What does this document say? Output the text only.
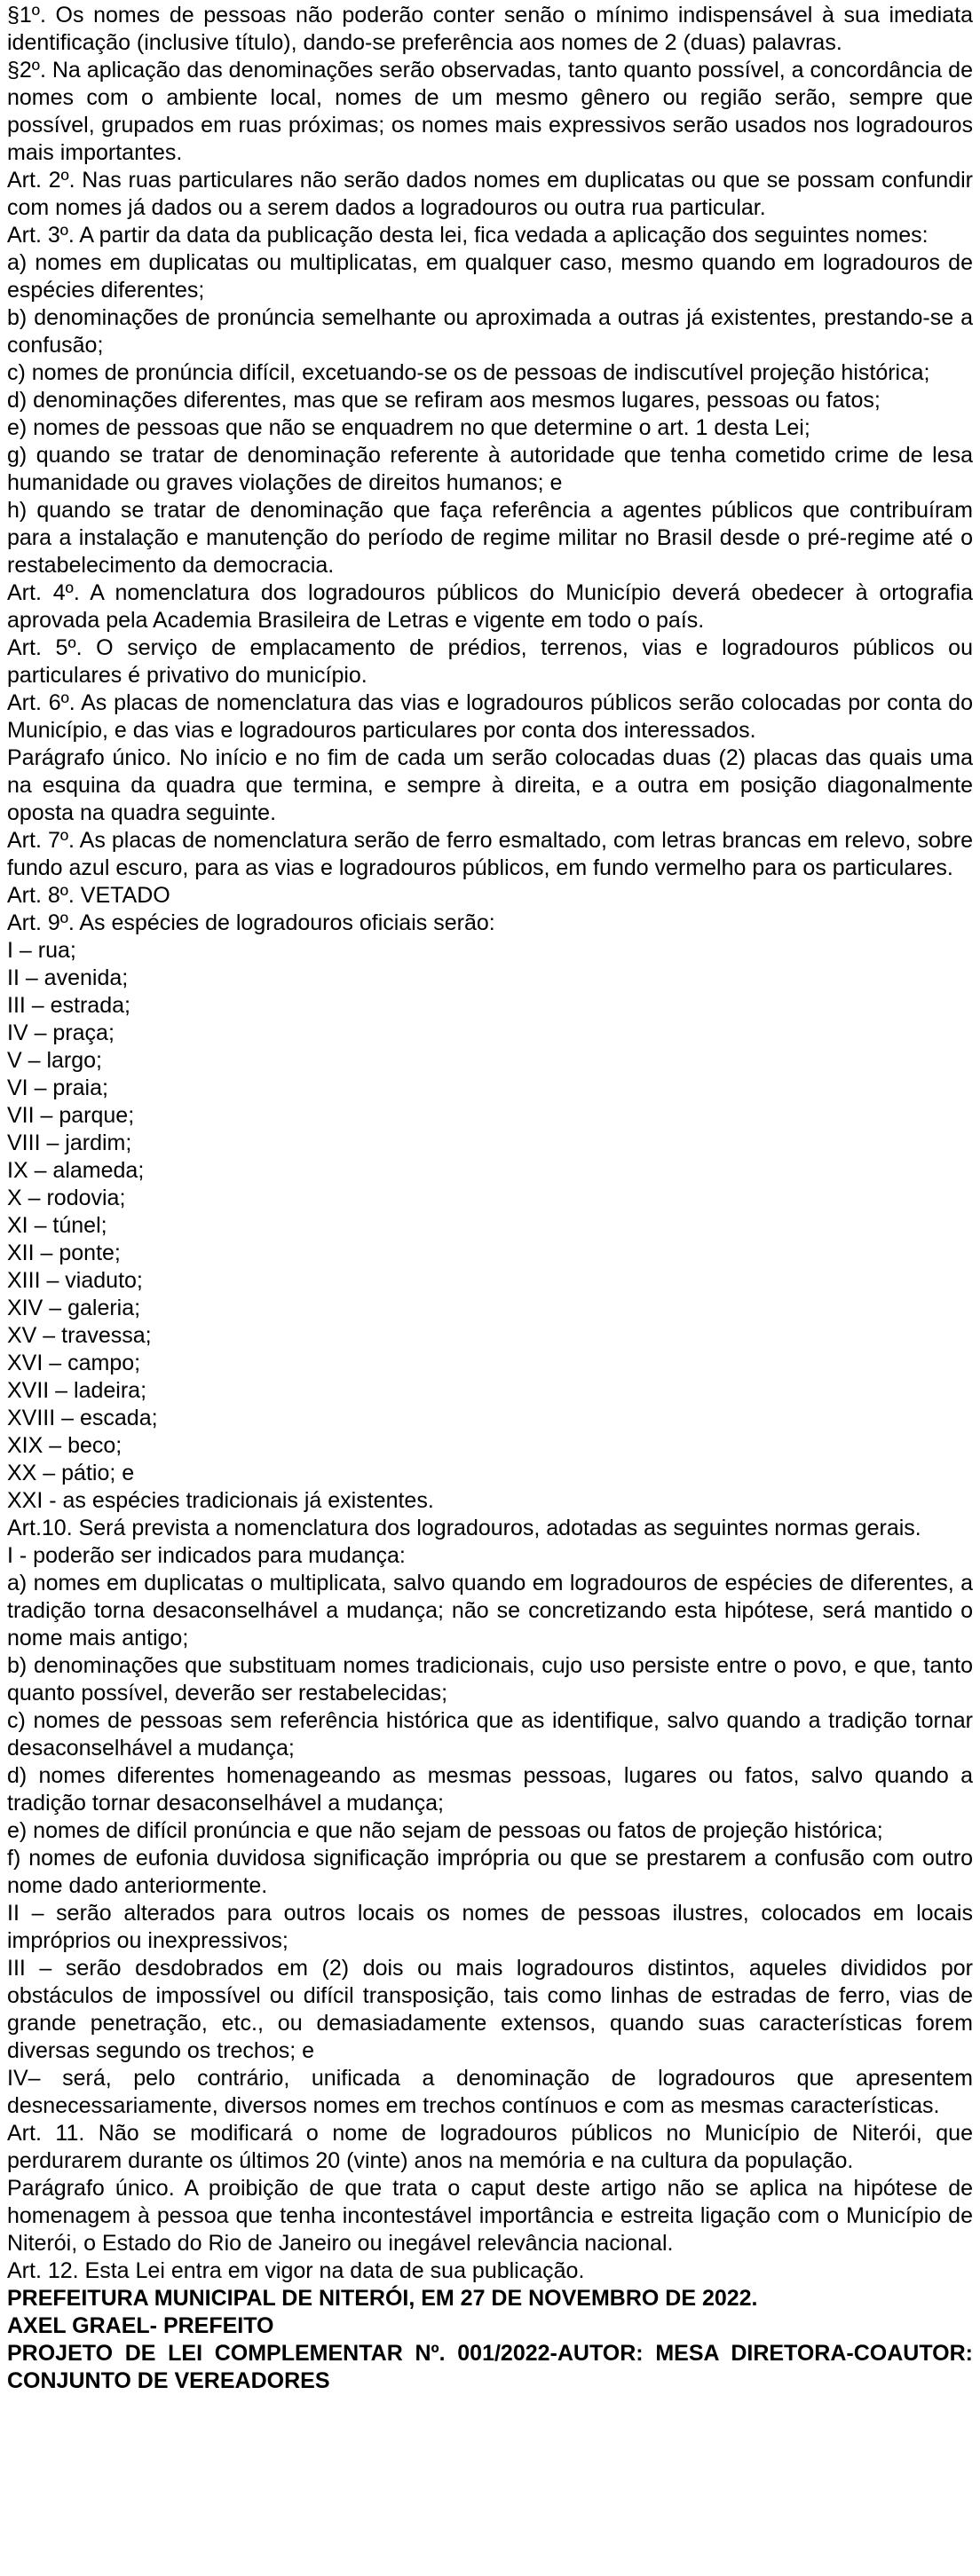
§1º. Os nomes de pessoas não poderão conter senão o mínimo indispensável à sua imediata identificação (inclusive título), dando-se preferência aos nomes de 2 (duas) palavras.

§2º. Na aplicação das denominações serão observadas, tanto quanto possível, a concordância de nomes com o ambiente local, nomes de um mesmo gênero ou região serão, sempre que possível, grupados em ruas próximas; os nomes mais expressivos serão usados nos logradouros mais importantes.

Art. 2º. Nas ruas particulares não serão dados nomes em duplicatas ou que se possam confundir com nomes já dados ou a serem dados a logradouros ou outra rua particular.

Art. 3º. A partir da data da publicação desta lei, fica vedada a aplicação dos seguintes nomes:

a) nomes em duplicatas ou multiplicatas, em qualquer caso, mesmo quando em logradouros de espécies diferentes;

b) denominações de pronúncia semelhante ou aproximada a outras já existentes, prestando-se a confusão;

c) nomes de pronúncia difícil, excetuando-se os de pessoas de indiscutível projeção histórica;

d) denominações diferentes, mas que se refiram aos mesmos lugares, pessoas ou fatos;

e) nomes de pessoas que não se enquadrem no que determine o art. 1 desta Lei;

g) quando se tratar de denominação referente à autoridade que tenha cometido crime de lesa humanidade ou graves violações de direitos humanos; e

h) quando se tratar de denominação que faça referência a agentes públicos que contribuíram para a instalação e manutenção do período de regime militar no Brasil desde o pré-regime até o restabelecimento da democracia.

Art. 4º. A nomenclatura dos logradouros públicos do Município deverá obedecer à ortografia aprovada pela Academia Brasileira de Letras e vigente em todo o país.

Art. 5º. O serviço de emplacamento de prédios, terrenos, vias e logradouros públicos ou particulares é privativo do município.

Art. 6º. As placas de nomenclatura das vias e logradouros públicos serão colocadas por conta do Município, e das vias e logradouros particulares por conta dos interessados.

Parágrafo único. No início e no fim de cada um serão colocadas duas (2) placas das quais uma na esquina da quadra que termina, e sempre à direita, e a outra em posição diagonalmente oposta na quadra seguinte.

Art. 7º. As placas de nomenclatura serão de ferro esmaltado, com letras brancas em relevo, sobre fundo azul escuro, para as vias e logradouros públicos, em fundo vermelho para os particulares.

Art. 8º. VETADO

Art. 9º. As espécies de logradouros oficiais serão:

I – rua;

II – avenida;

III – estrada;

IV – praça;

V – largo;

VI – praia;

VII – parque;

VIII – jardim;

IX – alameda;

X – rodovia;

XI – túnel;

XII – ponte;

XIII – viaduto;

XIV – galeria;

XV – travessa;

XVI – campo;

XVII – ladeira;

XVIII – escada;

XIX – beco;

XX – pátio; e

XXI - as espécies tradicionais já existentes.

Art.10. Será prevista a nomenclatura dos logradouros, adotadas as seguintes normas gerais.

I - poderão ser indicados para mudança:

a) nomes em duplicatas o multiplicata, salvo quando em logradouros de espécies de diferentes, a tradição torna desaconselhável a mudança; não se concretizando esta hipótese, será mantido o nome mais antigo;

b) denominações que substituam nomes tradicionais, cujo uso persiste entre o povo, e que, tanto quanto possível, deverão ser restabelecidas;

c) nomes de pessoas sem referência histórica que as identifique, salvo quando a tradição tornar desaconselhável a mudança;

d) nomes diferentes homenageando as mesmas pessoas, lugares ou fatos, salvo quando a tradição tornar desaconselhável a mudança;

e) nomes de difícil pronúncia e que não sejam de pessoas ou fatos de projeção histórica;

f) nomes de eufonia duvidosa significação imprópria ou que se prestarem a confusão com outro nome dado anteriormente.

II – serão alterados para outros locais os nomes de pessoas ilustres, colocados em locais impróprios ou inexpressivos;

III – serão desdobrados em (2) dois ou mais logradouros distintos, aqueles divididos por obstáculos de impossível ou difícil transposição, tais como linhas de estradas de ferro, vias de grande penetração, etc., ou demasiadamente extensos, quando suas características forem diversas segundo os trechos; e

IV– será, pelo contrário, unificada a denominação de logradouros que apresentem desnecessariamente, diversos nomes em trechos contínuos e com as mesmas características.

Art. 11. Não se modificará o nome de logradouros públicos no Município de Niterói, que perdurarem durante os últimos 20 (vinte) anos na memória e na cultura da população.

Parágrafo único. A proibição de que trata o caput deste artigo não se aplica na hipótese de homenagem à pessoa que tenha incontestável importância e estreita ligação com o Município de Niterói, o Estado do Rio de Janeiro ou inegável relevância nacional.

Art. 12. Esta Lei entra em vigor na data de sua publicação.

PREFEITURA MUNICIPAL DE NITERÓI, EM 27 DE NOVEMBRO DE 2022.

AXEL GRAEL- PREFEITO

PROJETO DE LEI COMPLEMENTAR Nº. 001/2022-AUTOR: MESA DIRETORA-COAUTOR: CONJUNTO DE VEREADORES
